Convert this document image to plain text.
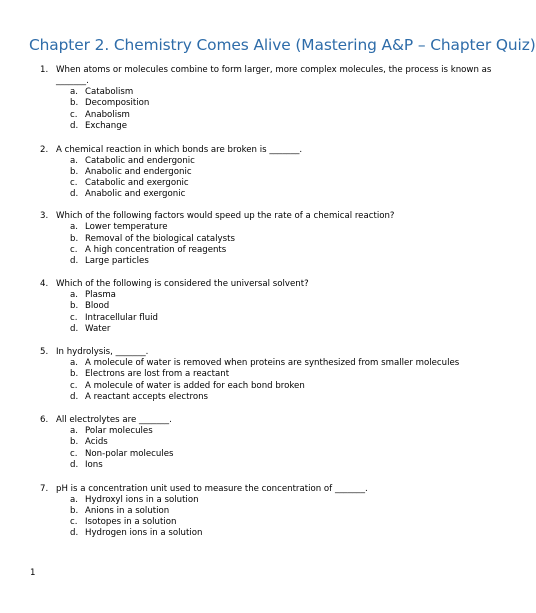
Chapter 2. Chemistry Comes Alive (Mastering A&P – Chapter Quiz)
1. When atoms or molecules combine to form larger, more complex molecules, the process is known as
_______.
a. Catabolism
b. Decomposition
c. Anabolism
d. Exchange
2. A chemical reaction in which bonds are broken is _______.
a. Catabolic and endergonic
b. Anabolic and endergonic
c. Catabolic and exergonic
d. Anabolic and exergonic
3. Which of the following factors would speed up the rate of a chemical reaction?
a. Lower temperature
b. Removal of the biological catalysts
c. A high concentration of reagents
d. Large particles
4. Which of the following is considered the universal solvent?
a. Plasma
b. Blood
c. Intracellular fluid
d. Water
5. In hydrolysis, _______.
a. A molecule of water is removed when proteins are synthesized from smaller molecules
b. Electrons are lost from a reactant
c. A molecule of water is added for each bond broken
d. A reactant accepts electrons
6. All electrolytes are _______.
a. Polar molecules
b. Acids
c. Non-polar molecules
d. Ions
7. pH is a concentration unit used to measure the concentration of _______.
a. Hydroxyl ions in a solution
b. Anions in a solution
c. Isotopes in a solution
d. Hydrogen ions in a solution
1
